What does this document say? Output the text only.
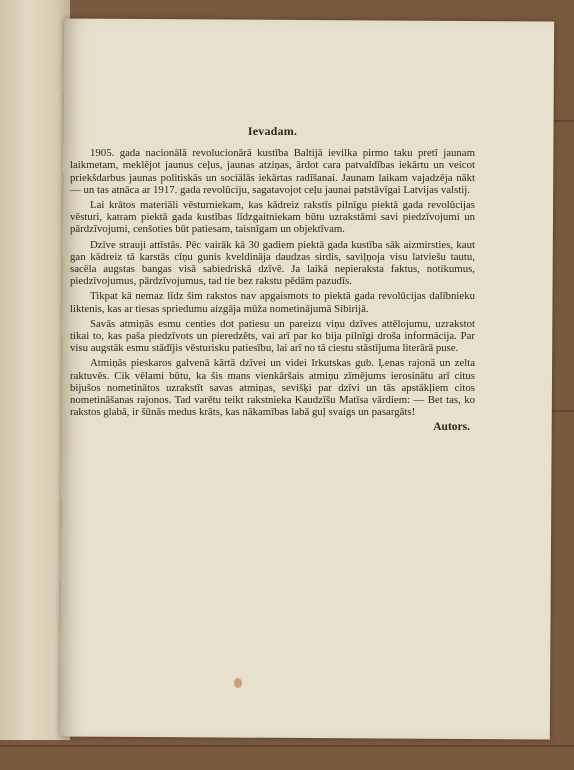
Ievadam.

1905. gada nacionālā revolucionārā kustība Baltijā ievilka pirmo taku pretī jaunam laikmetam, meklējot jaunus ceļus, jaunas atziņas, ārdot cara patvaldības iekārtu un veicot priekšdarbus jaunas politiskās un sociālās iekārtas radīšanai. Jaunam laikam vajadzēja nākt — un tas atnāca ar 1917. gada revolūciju, sagatavojot ceļu jaunai patstāvīgai Latvijas valstij.

Lai krātos materiāli vēsturniekam, kas kādreiz rakstīs pilnīgu piektā gada revolūcijas vēsturi, katram piektā gada kustības līdzgaitniekam būtu uzrakstāmi savi piedzīvojumi un pārdzīvojumi, cenšoties būt patiesam, taisnīgam un objektīvam.

Dzīve strauji attīstās. Pēc vairāk kā 30 gadiem piektā gada kustība sāk aizmirsties, kaut gan kādreiz tā karstās cīņu gunis kveldināja daudzas sirdis, saviļņoja visu latviešu tautu, sacēla augstas bangas visā sabiedriskā dzīvē. Ja laikā nepieraksta faktus, notikumus, piedzīvojumus, pārdzīvojumus, tad tie bez rakstu pēdām pazudīs.

Tikpat kā nemaz līdz šim rakstos nav apgaismots to piektā gada revolūcijas dalībnieku liktenis, kas ar tiesas spriedumu aizgāja mūža nometinājumā Sibirijā.

Savās atmiņās esmu centies dot patiesu un pareizu viņu dzīves attēlojumu, uzrakstot tikai to, kas paša piedzīvots un pieredzēts, vai arī par ko bija pilnīgi droša informācija. Par visu augstāk esmu stādījis vēsturisku patiesību, lai arī no tā ciestu stāstījuma literārā puse.

Atmiņās pieskaros galvenā kārtā dzīvei un videi Irkutskas gub. Ļenas rajonā un zelta raktuvēs. Cik vēlami būtu, ka šis mans vienkāršais atmiņu zīmējums ierosinātu arī citus bijušos nometinātos uzrakstīt savas atmiņas, sevišķi par dzīvi un tās apstākļiem citos nometināšanas rajonos. Tad varētu teikt rakstnieka Kaudzīšu Matīsa vārdiem: — Bet tas, ko rakstos glabā, ir šūnās medus krāts, kas nākamības labā guļ svaigs un pasargāts!

Autors.
